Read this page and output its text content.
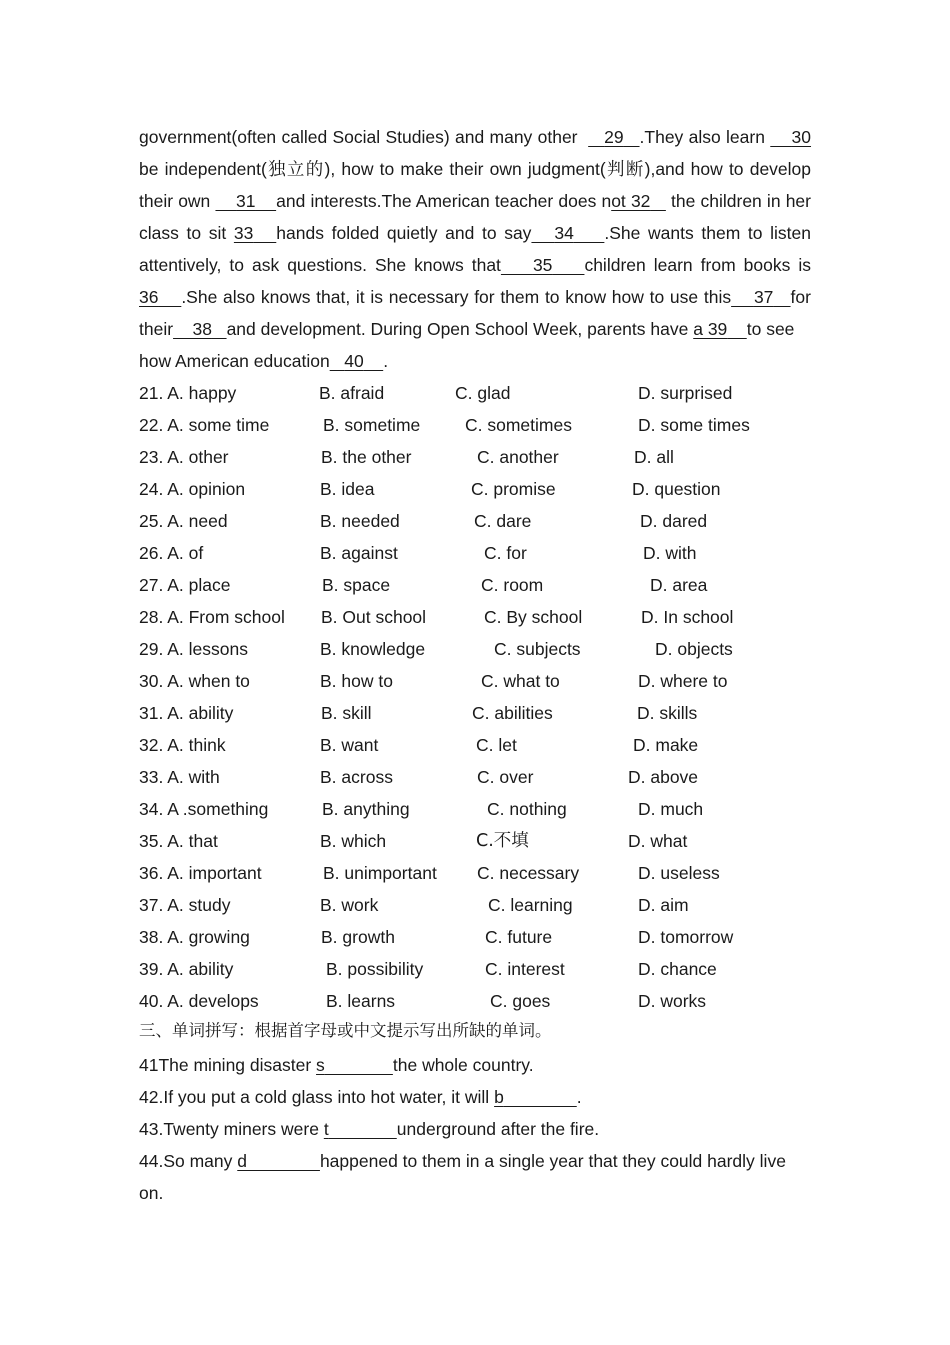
government(often called Social Studies) and many other 29 .They also learn 30
be independent(独立的), how to make their own judgment(判断),and how to develop
their own 31 and interests.The American teacher does not 32 the children in her
class to sit 33 hands folded quietly and to say 34 .She wants them to listen
attentively, to ask questions. She knows that 35 children learn from books is
36 .She also knows that, it is necessary for them to know how to use this 37 for
their 38 and development. During Open School Week, parents have a 39 to see
how American education 40 .
21. A. happy	B. afraid	C. glad	D. surprised
22. A. some time	B. sometime	C. sometimes	D. some times
23. A. other	B. the other	C. another	D. all
24. A. opinion	B. idea	C. promise	D. question
25. A. need	B. needed	C. dare	D. dared
26. A. of	B. against	C. for	D. with
27. A. place	B. space	C. room	D. area
28. A. From school B. Out school	C. By school	D. In school
29. A. lessons	B. knowledge	C. subjects	D. objects
30. A. when to	B. how to	C. what to	D. where to
31. A. ability	B. skill	C. abilities	D. skills
32. A. think	B. want	C. let	D. make
33. A. with	B. across	C. over	D. above
34. A .something	B. anything	C. nothing	D. much
35. A. that	B. which	C.不填	D. what
36. A. important	B. unimportant C. necessary	D. useless
37. A. study	B. work	C. learning	D. aim
38. A. growing	B. growth	C. future	D. tomorrow
39. A. ability	B. possibility	C. interest	D. chance
40. A. develops	B. learns	C. goes	D. works
三、单词拼写：根据首字母或中文提示写出所缺的单词。
41The mining disaster s	the whole country.
42.If you put a cold glass into hot water, it will b	.
43.Twenty miners were t	underground after the fire.
44.So many d	happened to them in a single year that they could hardly live
on.
